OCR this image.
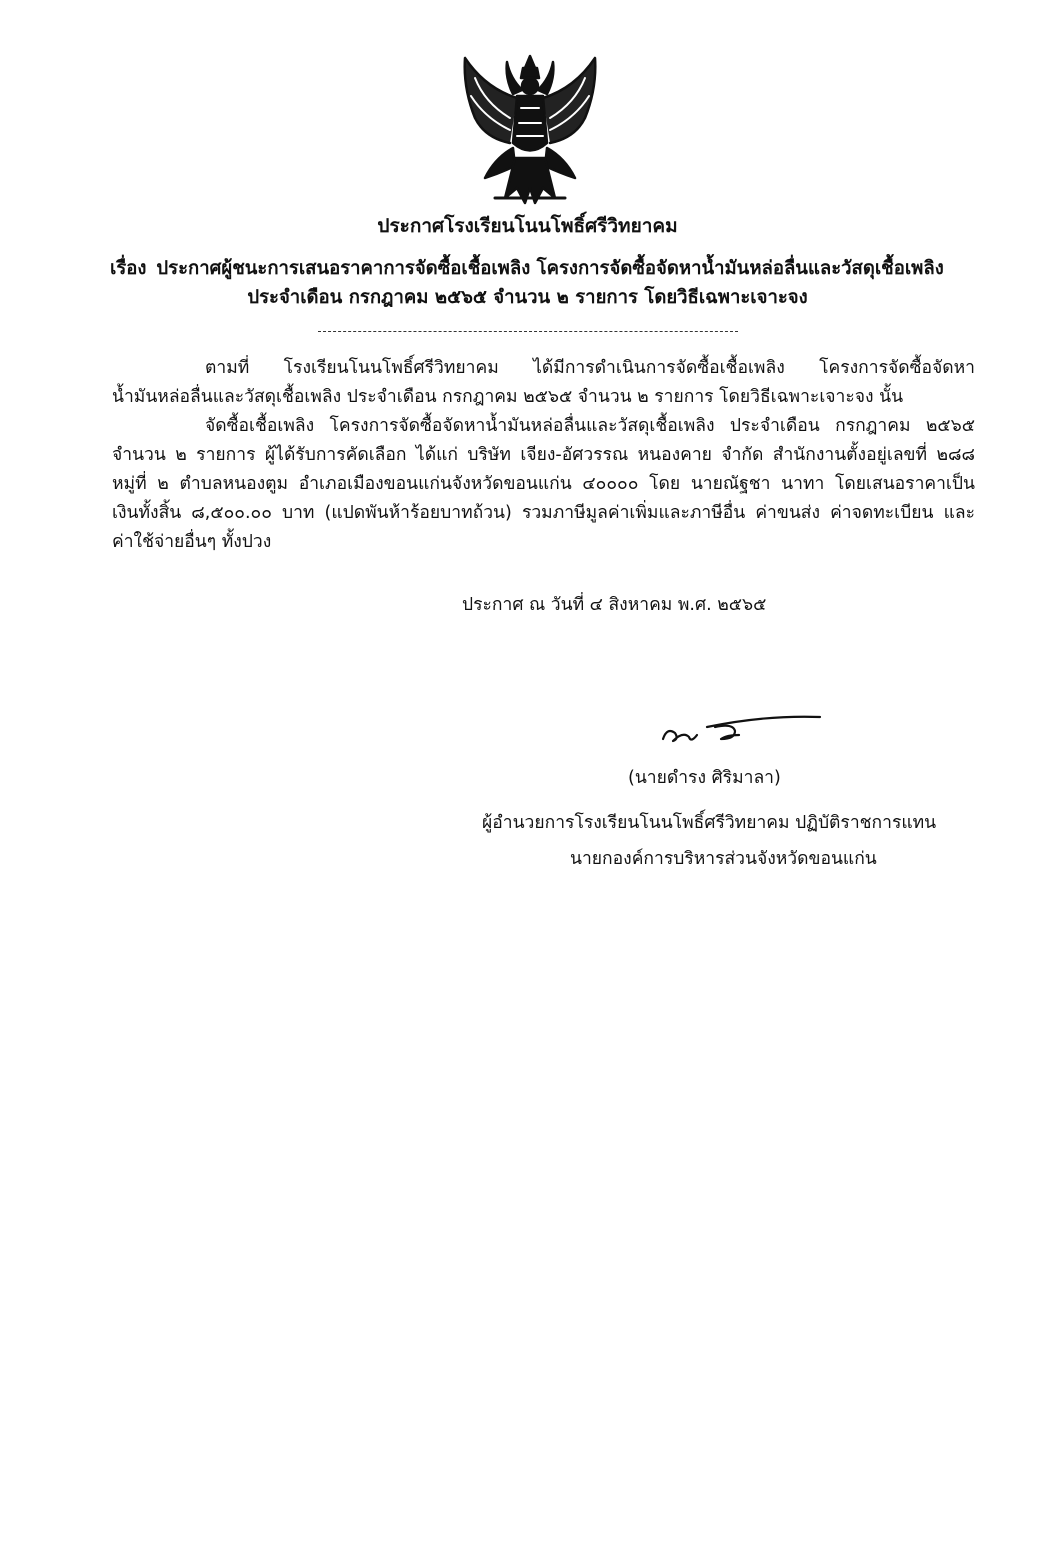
ประกาศโรงเรียนโนนโพธิ์ศรีวิทยาคม
เรื่อง ประกาศผู้ชนะการเสนอราคาการจัดซื้อเชื้อเพลิง โครงการจัดซื้อจัดหาน้ำมันหล่อลื่นและวัสดุเชื้อเพลิง
ประจำเดือน กรกฎาคม ๒๕๖๕ จำนวน ๒ รายการ โดยวิธีเฉพาะเจาะจง
ตามที่ โรงเรียนโนนโพธิ์ศรีวิทยาคม ได้มีการดำเนินการจัดซื้อเชื้อเพลิง โครงการจัดซื้อจัดหา
น้ำมันหล่อลื่นและวัสดุเชื้อเพลิง ประจำเดือน กรกฎาคม ๒๕๖๕ จำนวน ๒ รายการ โดยวิธีเฉพาะเจาะจง นั้น
จัดซื้อเชื้อเพลิง โครงการจัดซื้อจัดหาน้ำมันหล่อลื่นและวัสดุเชื้อเพลิง ประจำเดือน กรกฎาคม ๒๕๖๕
จำนวน ๒ รายการ ผู้ได้รับการคัดเลือก ได้แก่ บริษัท เจียง-อัศวรรณ หนองคาย จำกัด สำนักงานตั้งอยู่เลขที่ ๒๘๘
หมู่ที่ ๒ ตำบลหนองตูม อำเภอเมืองขอนแก่นจังหวัดขอนแก่น ๔๐๐๐๐ โดย นายณัฐชา นาทา โดยเสนอราคาเป็น
เงินทั้งสิ้น ๘,๕๐๐.๐๐ บาท (แปดพันห้าร้อยบาทถ้วน) รวมภาษีมูลค่าเพิ่มและภาษีอื่น ค่าขนส่ง ค่าจดทะเบียน และ
ค่าใช้จ่ายอื่นๆ ทั้งปวง
ประกาศ ณ วันที่ ๔ สิงหาคม พ.ศ. ๒๕๖๕
(นายดำรง ศิริมาลา)
ผู้อำนวยการโรงเรียนโนนโพธิ์ศรีวิทยาคม ปฏิบัติราชการแทน
นายกองค์การบริหารส่วนจังหวัดขอนแก่น
